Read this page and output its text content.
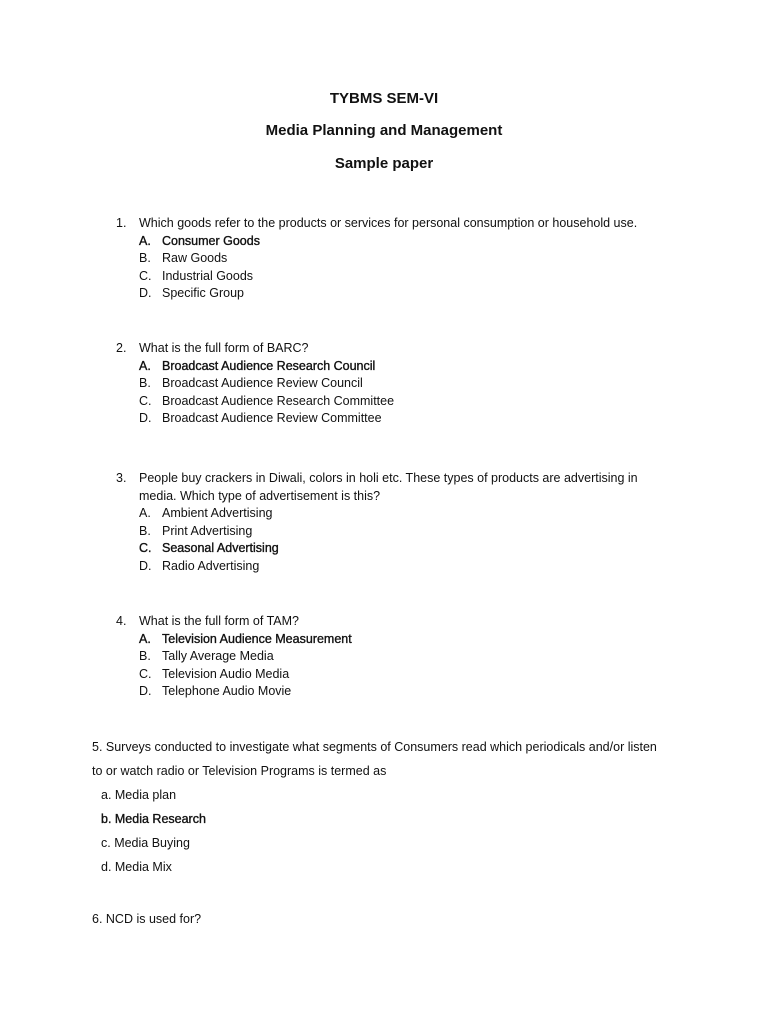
TYBMS SEM-VI
Media Planning and Management
Sample paper
1. Which goods refer to the products or services for personal consumption or household use.
A. Consumer Goods
B. Raw Goods
C. Industrial Goods
D. Specific Group
2. What is the full form of BARC?
A. Broadcast Audience Research Council
B. Broadcast Audience Review Council
C. Broadcast Audience Research Committee
D. Broadcast Audience Review Committee
3. People buy crackers in Diwali, colors in holi etc. These types of products are advertising in media. Which type of advertisement is this?
A. Ambient Advertising
B. Print Advertising
C. Seasonal Advertising
D. Radio Advertising
4. What is the full form of TAM?
A. Television Audience Measurement
B. Tally Average Media
C. Television Audio Media
D. Telephone Audio Movie
5. Surveys conducted to investigate what segments of Consumers read which periodicals and/or listen
to or watch radio or Television Programs is termed as
a. Media plan
b. Media Research
c. Media Buying
d. Media Mix
6. NCD is used for?
